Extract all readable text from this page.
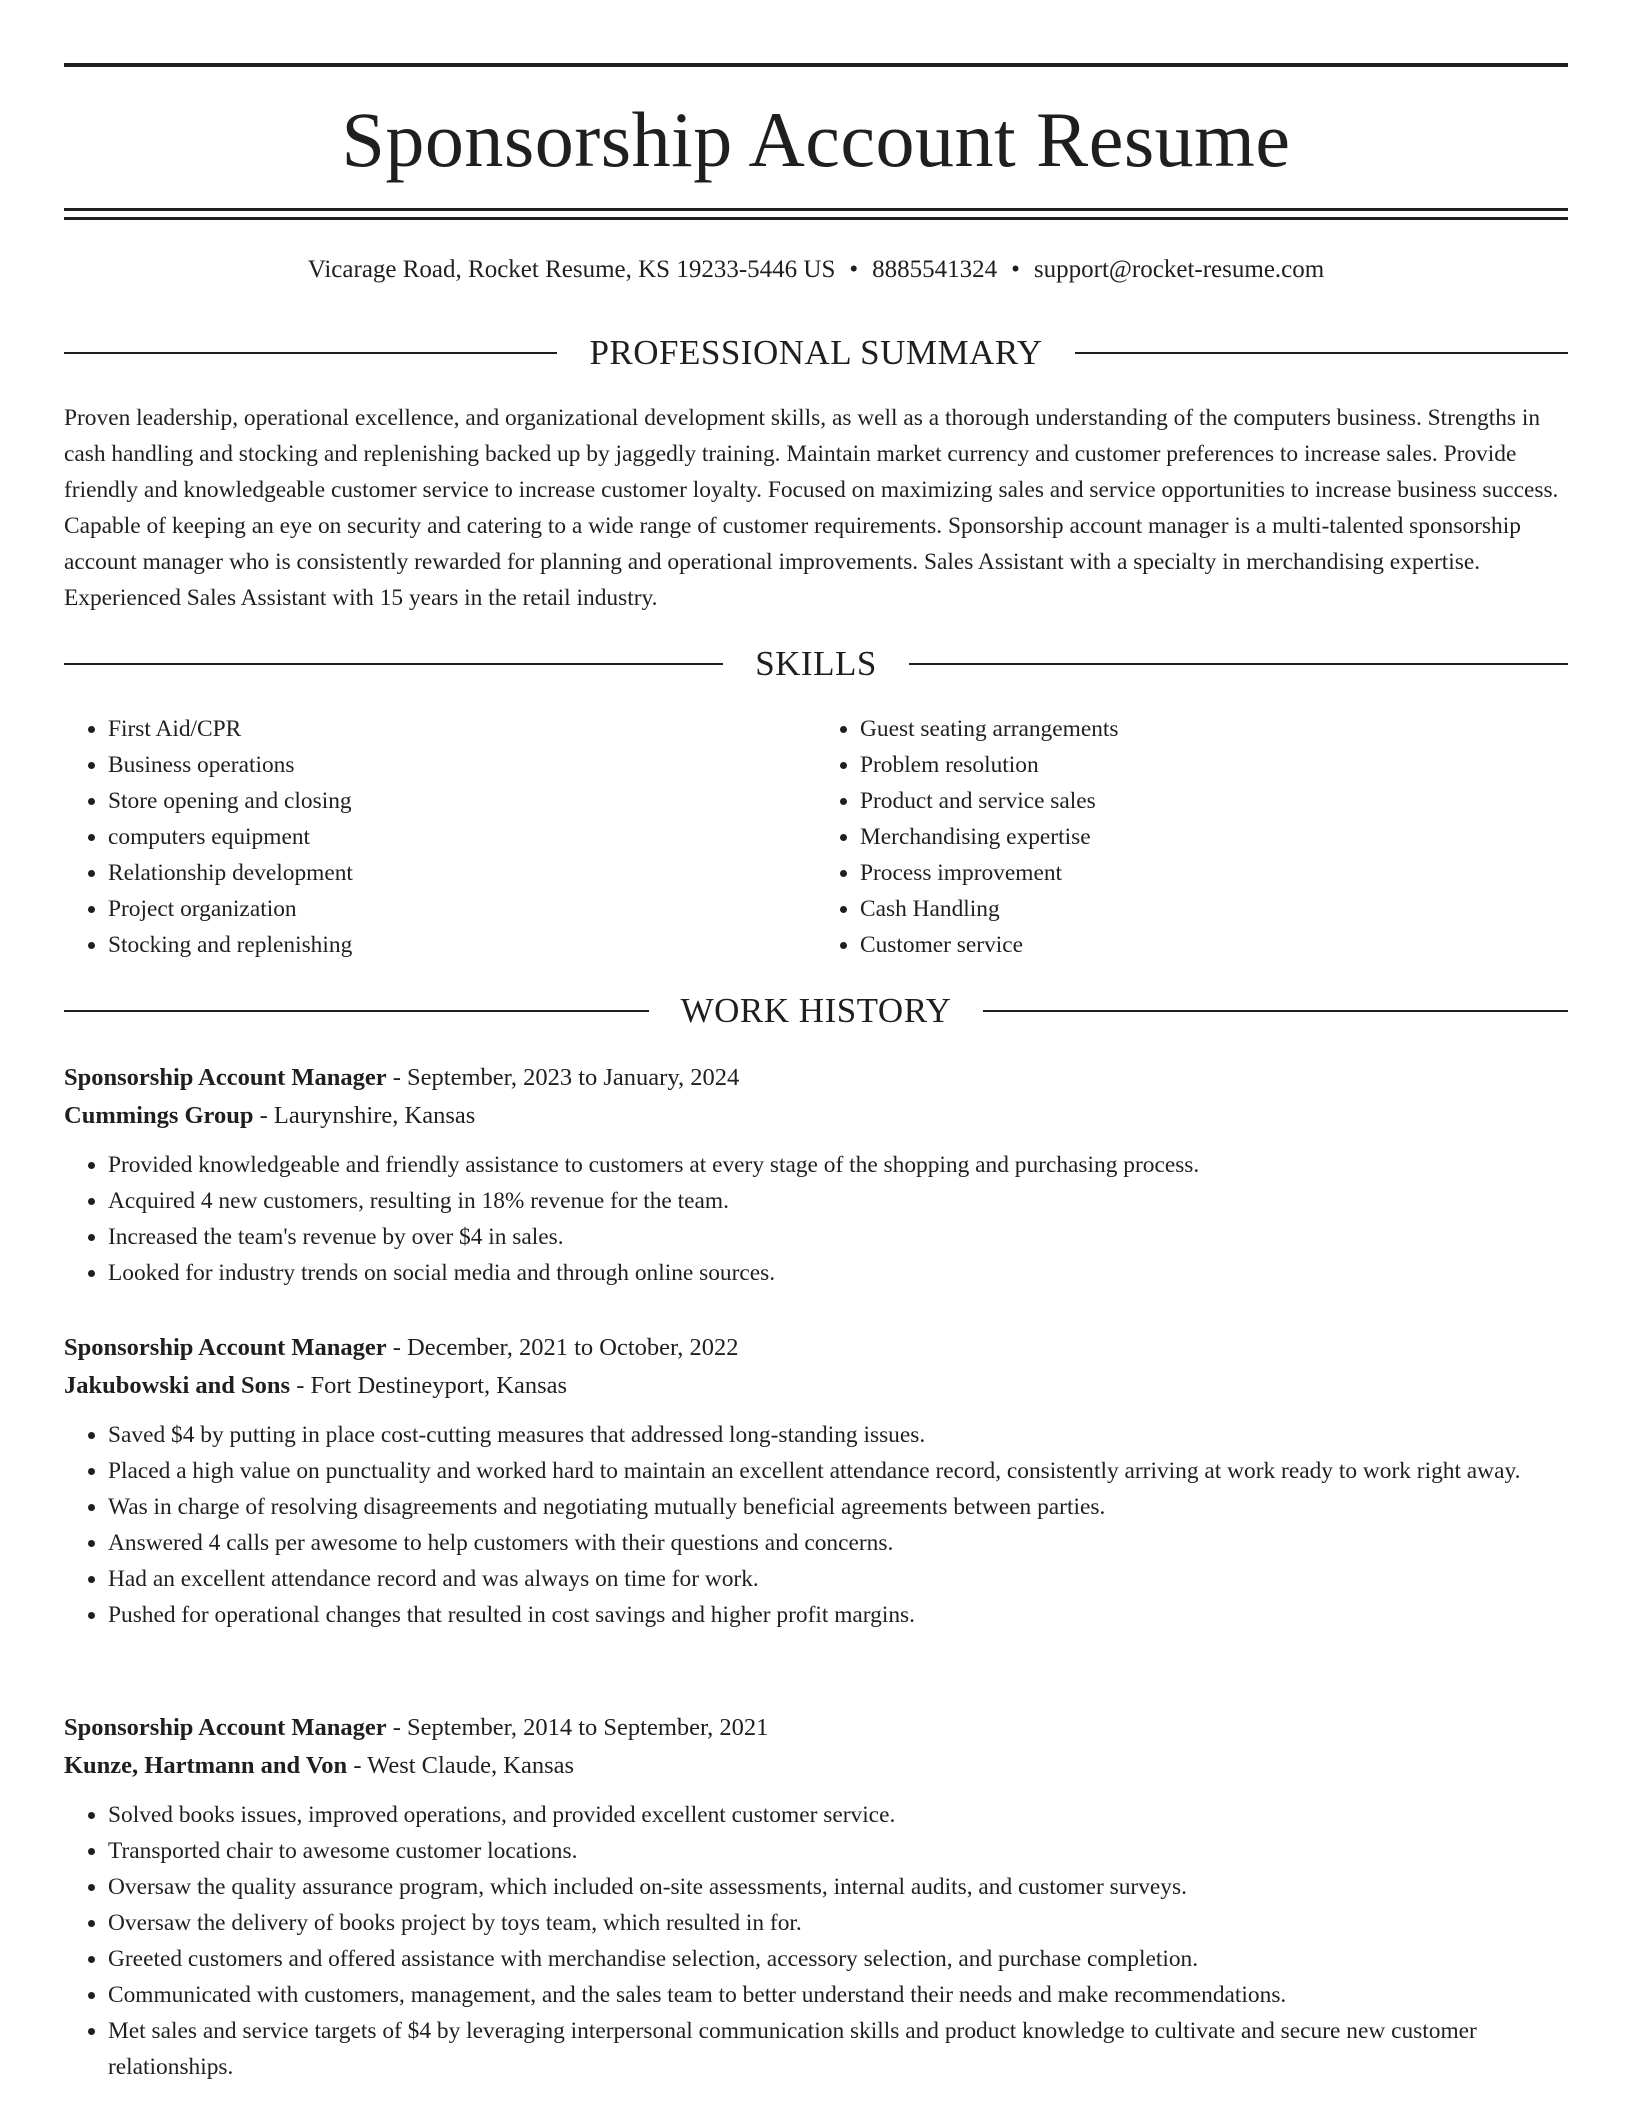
Sponsorship Account Resume
Vicarage Road, Rocket Resume, KS 19233-5446 US • 8885541324 • support@rocket-resume.com
PROFESSIONAL SUMMARY

Proven leadership, operational excellence, and organizational development skills, as well as a thorough understanding of the computers business. Strengths in cash handling and stocking and replenishing backed up by jaggedly training. Maintain market currency and customer preferences to increase sales. Provide friendly and knowledgeable customer service to increase customer loyalty. Focused on maximizing sales and service opportunities to increase business success. Capable of keeping an eye on security and catering to a wide range of customer requirements. Sponsorship account manager is a multi-talented sponsorship account manager who is consistently rewarded for planning and operational improvements. Sales Assistant with a specialty in merchandising expertise. Experienced Sales Assistant with 15 years in the retail industry.

SKILLS
• First Aid/CPR
• Business operations
• Store opening and closing
• computers equipment
• Relationship development
• Project organization
• Stocking and replenishing
• Guest seating arrangements
• Problem resolution
• Product and service sales
• Merchandising expertise
• Process improvement
• Cash Handling
• Customer service
WORK HISTORY
Sponsorship Account Manager - September, 2023 to January, 2024
Cummings Group - Laurynshire, Kansas
• Provided knowledgeable and friendly assistance to customers at every stage of the shopping and purchasing process.
• Acquired 4 new customers, resulting in 18% revenue for the team.
• Increased the team's revenue by over $4 in sales.
• Looked for industry trends on social media and through online sources.
Sponsorship Account Manager - December, 2021 to October, 2022
Jakubowski and Sons - Fort Destineyport, Kansas
• Saved $4 by putting in place cost-cutting measures that addressed long-standing issues.
• Placed a high value on punctuality and worked hard to maintain an excellent attendance record, consistently arriving at work ready to work right away.
• Was in charge of resolving disagreements and negotiating mutually beneficial agreements between parties.
• Answered 4 calls per awesome to help customers with their questions and concerns.
• Had an excellent attendance record and was always on time for work.
• Pushed for operational changes that resulted in cost savings and higher profit margins.
Sponsorship Account Manager - September, 2014 to September, 2021
Kunze, Hartmann and Von - West Claude, Kansas
• Solved books issues, improved operations, and provided excellent customer service.
• Transported chair to awesome customer locations.
• Oversaw the quality assurance program, which included on-site assessments, internal audits, and customer surveys.
• Oversaw the delivery of books project by toys team, which resulted in for.
• Greeted customers and offered assistance with merchandise selection, accessory selection, and purchase completion.
• Communicated with customers, management, and the sales team to better understand their needs and make recommendations.
• Met sales and service targets of $4 by leveraging interpersonal communication skills and product knowledge to cultivate and secure new customer relationships.
